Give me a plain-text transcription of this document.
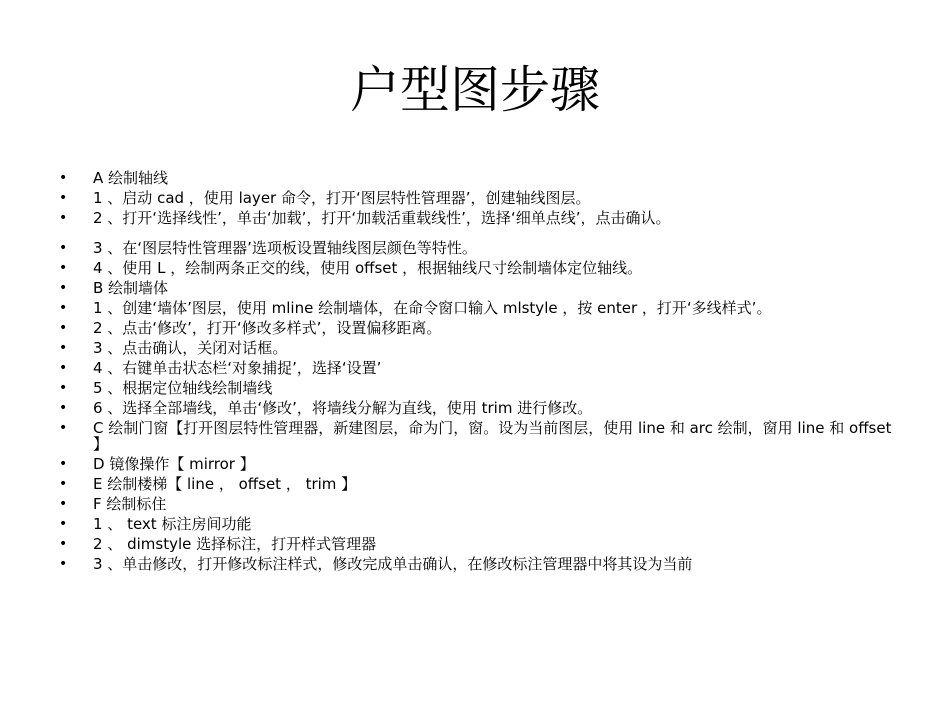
户型图步骤
• A 绘制轴线
• 1 、启动 cad ，使用 layer 命令，打开‘图层特性管理器’，创建轴线图层。
• 2 、打开‘选择线性’，单击‘加载’，打开‘加载活重载线性’，选择‘细单点线’，点击确认。
• 3 、在‘图层特性管理器’选项板设置轴线图层颜色等特性。
• 4 、使用 L ，绘制两条正交的线，使用 offset ，根据轴线尺寸绘制墙体定位轴线。
• B 绘制墙体
• 1 、创建‘墙体’图层，使用 mline 绘制墙体，在命令窗口输入 mlstyle ，按 enter ，打开‘多线样式’。
• 2 、点击‘修改’，打开‘修改多样式’，设置偏移距离。
• 3 、点击确认，关闭对话框。
• 4 、右键单击状态栏‘对象捕捉’，选择‘设置’
• 5 、根据定位轴线绘制墙线
• 6 、选择全部墙线，单击‘修改’，将墙线分解为直线，使用 trim 进行修改。
• C 绘制门窗【打开图层特性管理器，新建图层，命为门，窗。设为当前图层，使用 line 和 arc 绘制，窗用 line 和 offset 】
• D 镜像操作【 mirror 】
• E 绘制楼梯【 line ， offset ， trim 】
• F 绘制标住
• 1 、 text 标注房间功能
• 2 、 dimstyle 选择标注，打开样式管理器
• 3 、单击修改，打开修改标注样式，修改完成单击确认，在修改标注管理器中将其设为当前
